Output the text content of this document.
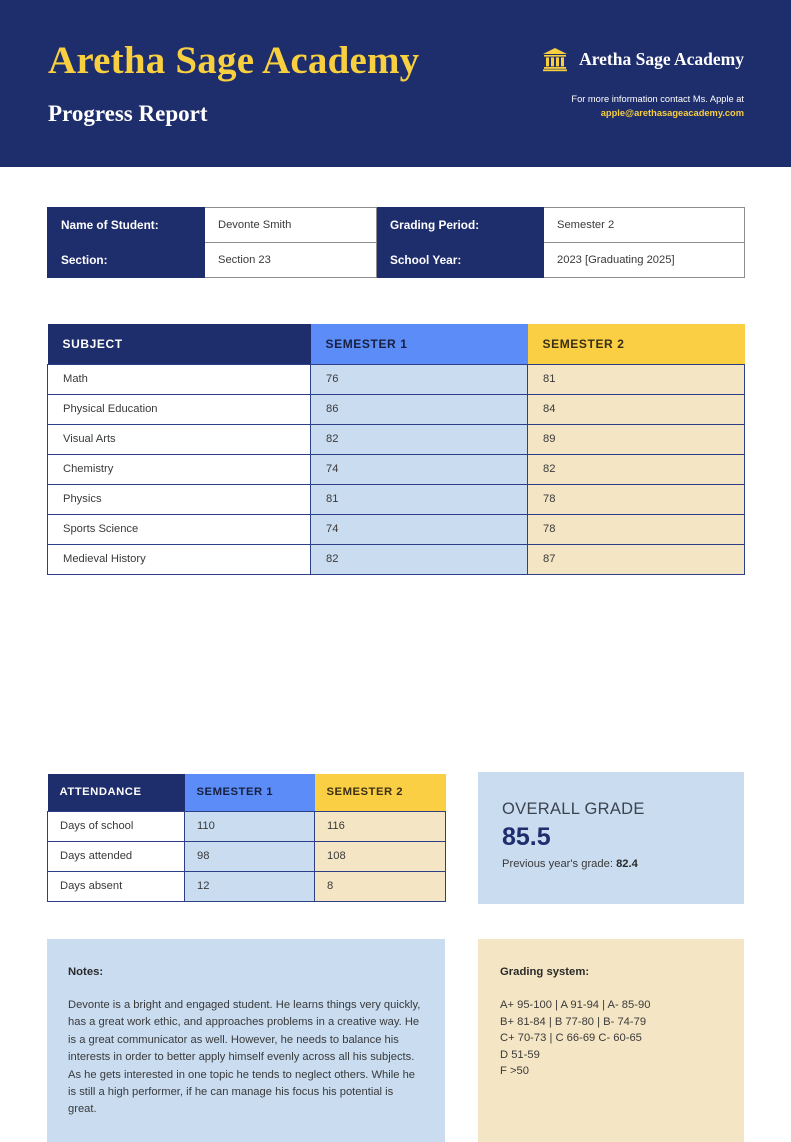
Aretha Sage Academy
Progress Report
Aretha Sage Academy
For more information contact Ms. Apple at
apple@arethasageacademy.com
Name of Student:	Devonte Smith	Grading Period:	Semester 2
Section:	Section 23	School Year:	2023 [Graduating 2025]
SUBJECT	SEMESTER 1	SEMESTER 2
Math	76	81
Physical Education	86	84
Visual Arts	82	89
Chemistry	74	82
Physics	81	78
Sports Science	74	78
Medieval History	82	87
ATTENDANCE	SEMESTER 1	SEMESTER 2
Days of school	110	116
Days attended	98	108
Days absent	12	8
OVERALL GRADE
85.5
Previous year's grade: 82.4
Notes:
Devonte is a bright and engaged student. He learns things very quickly, has a great work ethic, and approaches problems in a creative way. He is a great communicator as well. However, he needs to balance his interests in order to better apply himself evenly across all his subjects. As he gets interested in one topic he tends to neglect others. While he is still a high performer, if he can manage his focus his potential is great.
Grading system:
A+ 95-100 | A 91-94 | A- 85-90
B+ 81-84 | B 77-80 | B- 74-79
C+ 70-73 | C 66-69 C- 60-65
D 51-59
F >50
